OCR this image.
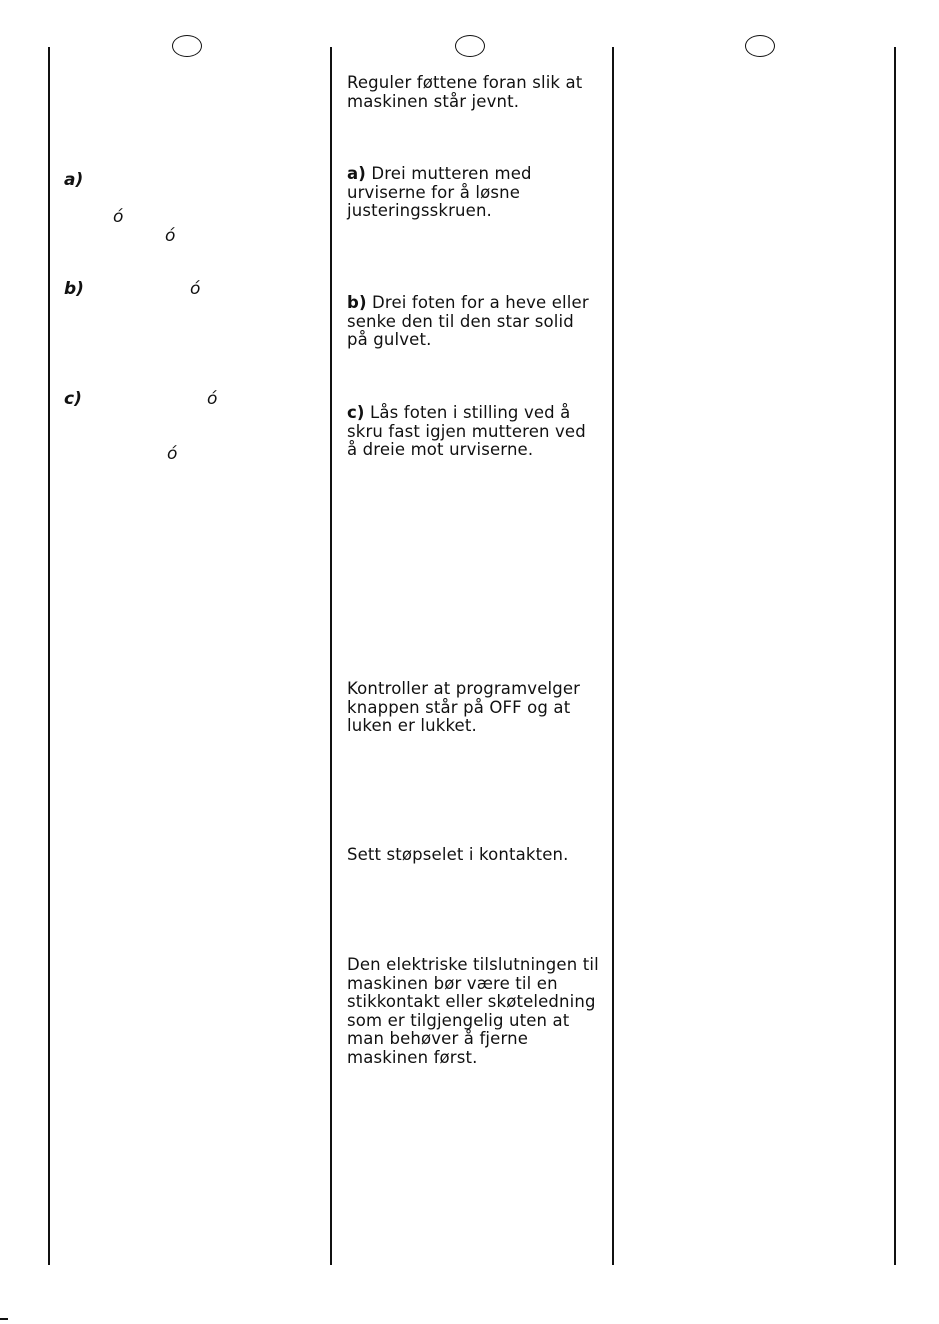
a)
ó
ó
b)	ó
c)	ó
ó
Reguler føttene foran slik at
maskinen står jevnt.
a) Drei mutteren med
urviserne for å løsne
justeringsskruen.
b) Drei foten for a heve eller
senke den til den star solid
på gulvet.
c) Lås foten i stilling ved å
skru fast igjen mutteren ved
å dreie mot urviserne.
Kontroller at programvelger
knappen står på OFF og at
luken er lukket.
Sett støpselet i kontakten.
Den elektriske tilslutningen til
maskinen bør være til en
stikkontakt eller skøteledning
som er tilgjengelig uten at
man behøver å fjerne
maskinen først.
